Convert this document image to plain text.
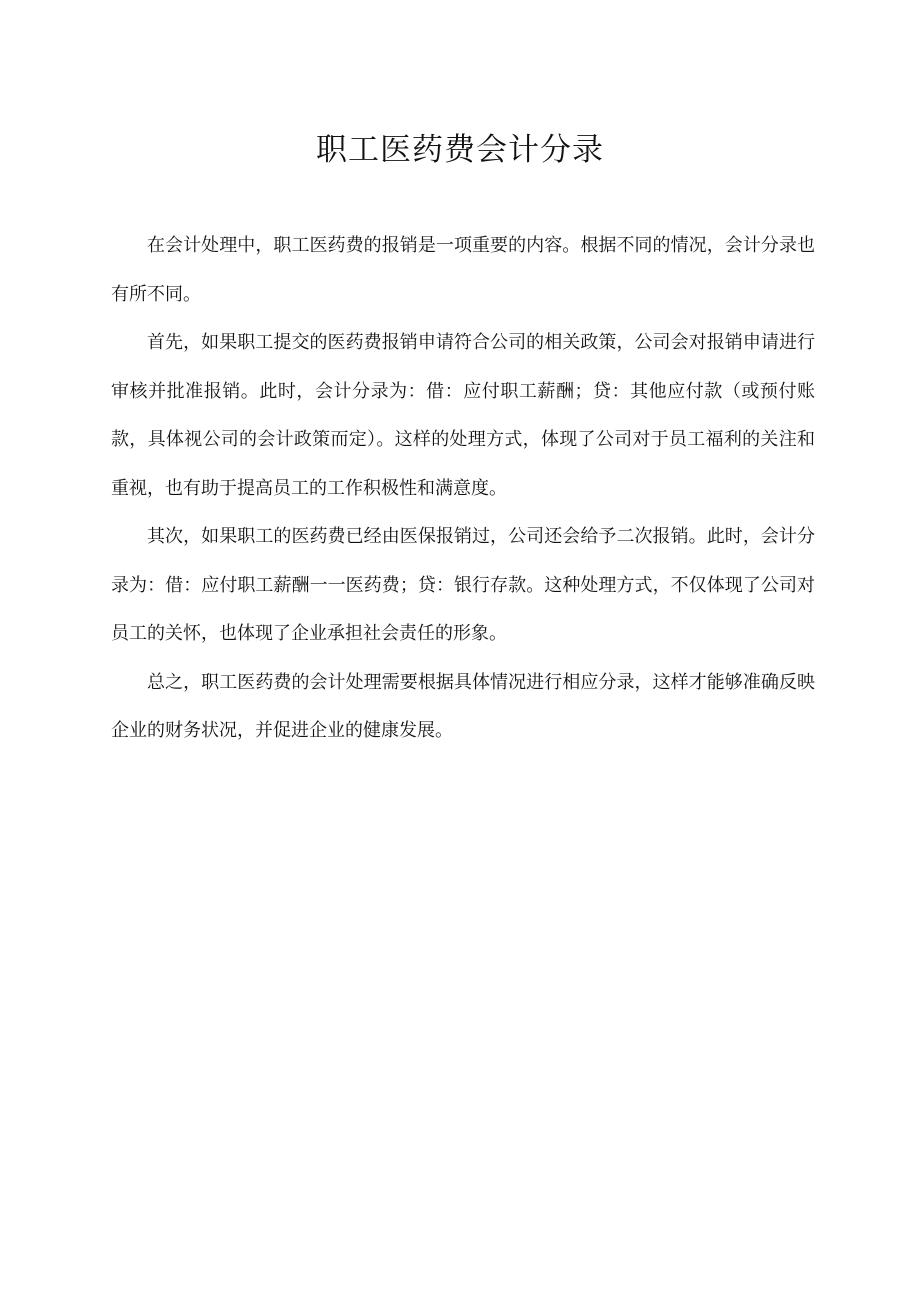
职工医药费会计分录

在会计处理中，职工医药费的报销是一项重要的内容。根据不同的情况，会计分录也有所不同。

首先，如果职工提交的医药费报销申请符合公司的相关政策，公司会对报销申请进行审核并批准报销。此时，会计分录为：借：应付职工薪酬；贷：其他应付款（或预付账款，具体视公司的会计政策而定）。这样的处理方式，体现了公司对于员工福利的关注和重视，也有助于提高员工的工作积极性和满意度。

其次，如果职工的医药费已经由医保报销过，公司还会给予二次报销。此时，会计分录为：借：应付职工薪酬一一医药费；贷：银行存款。这种处理方式，不仅体现了公司对员工的关怀，也体现了企业承担社会责任的形象。

总之，职工医药费的会计处理需要根据具体情况进行相应分录，这样才能够准确反映企业的财务状况，并促进企业的健康发展。
